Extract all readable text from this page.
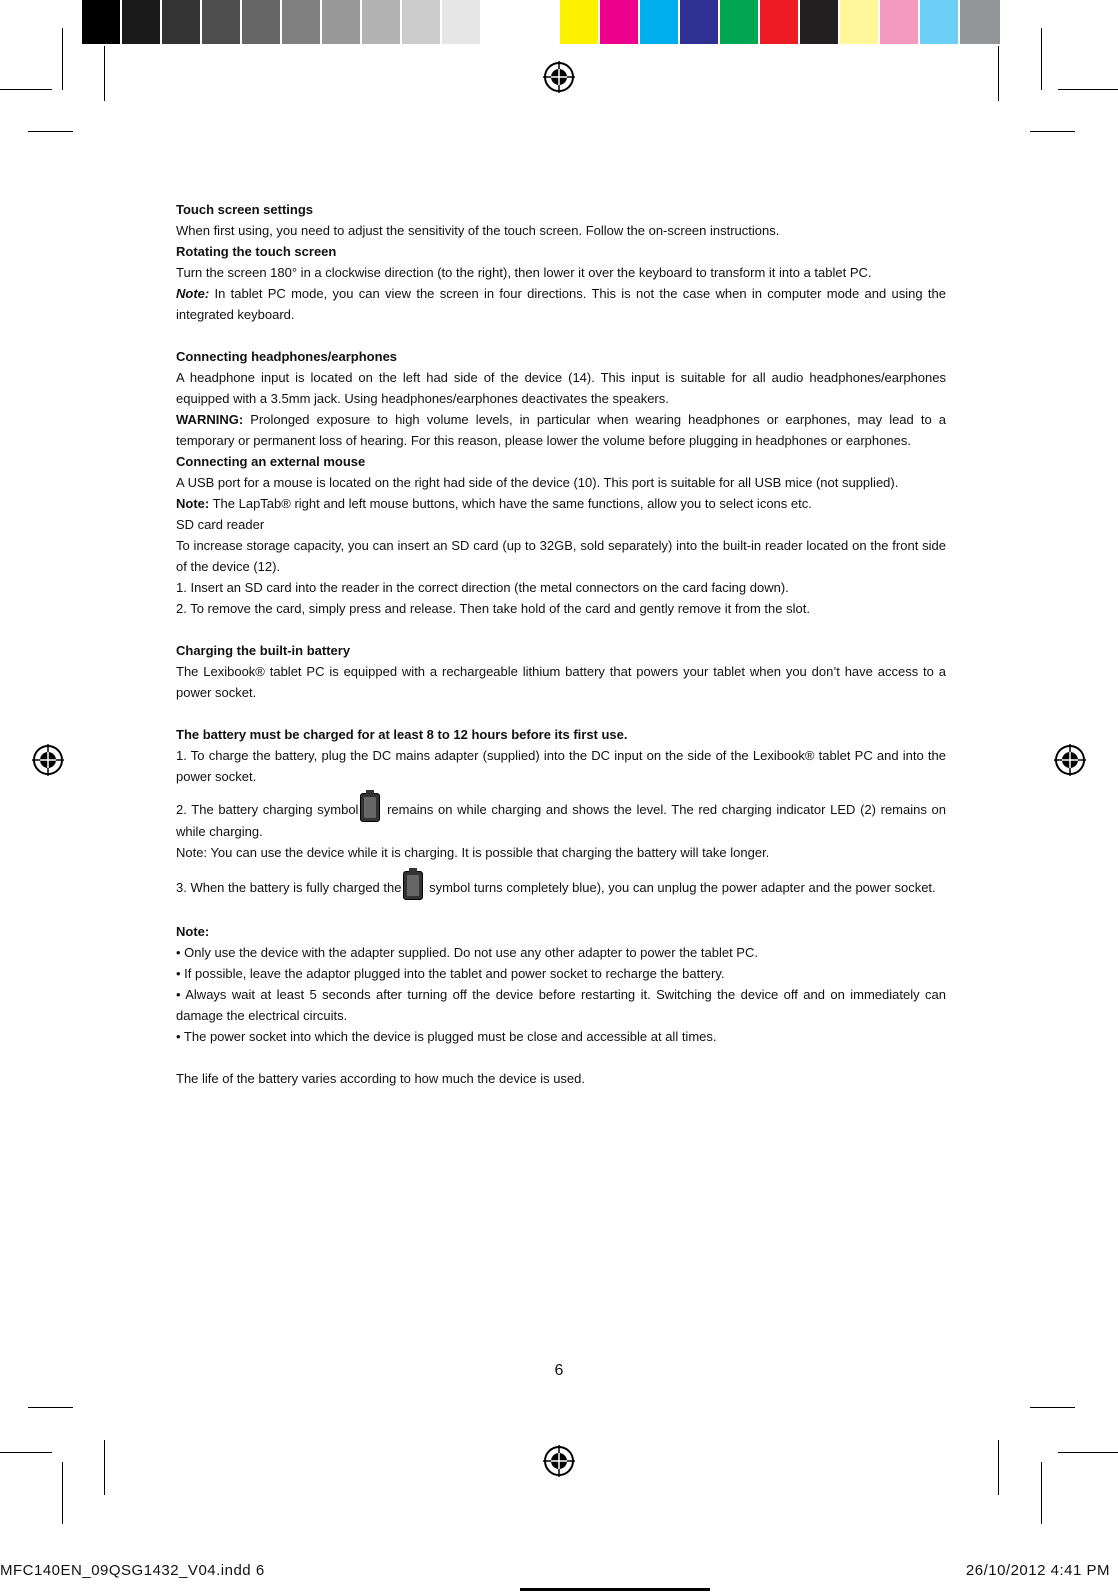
Touch screen settings

When first using, you need to adjust the sensitivity of the touch screen. Follow the on-screen instructions.

Rotating the touch screen

Turn the screen 180° in a clockwise direction (to the right), then lower it over the keyboard to transform it into a tablet PC.

Note: In tablet PC mode, you can view the screen in four directions. This is not the case when in computer mode and using the integrated keyboard.

Connecting headphones/earphones

A headphone input is located on the left had side of the device (14). This input is suitable for all audio headphones/earphones equipped with a 3.5mm jack. Using headphones/earphones deactivates the speakers.

WARNING: Prolonged exposure to high volume levels, in particular when wearing headphones or earphones, may lead to a temporary or permanent loss of hearing. For this reason, please lower the volume before plugging in headphones or earphones.

Connecting an external mouse

A USB port for a mouse is located on the right had side of the device (10). This port is suitable for all USB mice (not supplied).

Note: The LapTab® right and left mouse buttons, which have the same functions, allow you to select icons etc.

SD card reader

To increase storage capacity, you can insert an SD card (up to 32GB, sold separately) into the built-in reader located on the front side of the device (12).

1. Insert an SD card into the reader in the correct direction (the metal connectors on the card facing down).

2. To remove the card, simply press and release. Then take hold of the card and gently remove it from the slot.

Charging the built-in battery

The Lexibook® tablet PC is equipped with a rechargeable lithium battery that powers your tablet when you don’t have access to a power socket.

The battery must be charged for at least 8 to 12 hours before its first use.

1. To charge the battery, plug the DC mains adapter (supplied) into the DC input on the side of the Lexibook® tablet PC and into the power socket.

2. The battery charging symbol remains on while charging and shows the level. The red charging indicator LED (2) remains on while charging.

Note: You can use the device while it is charging. It is possible that charging the battery will take longer.

3. When the battery is fully charged the symbol turns completely blue), you can unplug the power adapter and the power socket.

Note:

• Only use the device with the adapter supplied. Do not use any other adapter to power the tablet PC.

• If possible, leave the adaptor plugged into the tablet and power socket to recharge the battery.

• Always wait at least 5 seconds after turning off the device before restarting it. Switching the device off and on immediately can damage the electrical circuits.

• The power socket into which the device is plugged must be close and accessible at all times.

The life of the battery varies according to how much the device is used.

6
MFC140EN_09QSG1432_V04.indd 6	26/10/2012 4:41 PM
